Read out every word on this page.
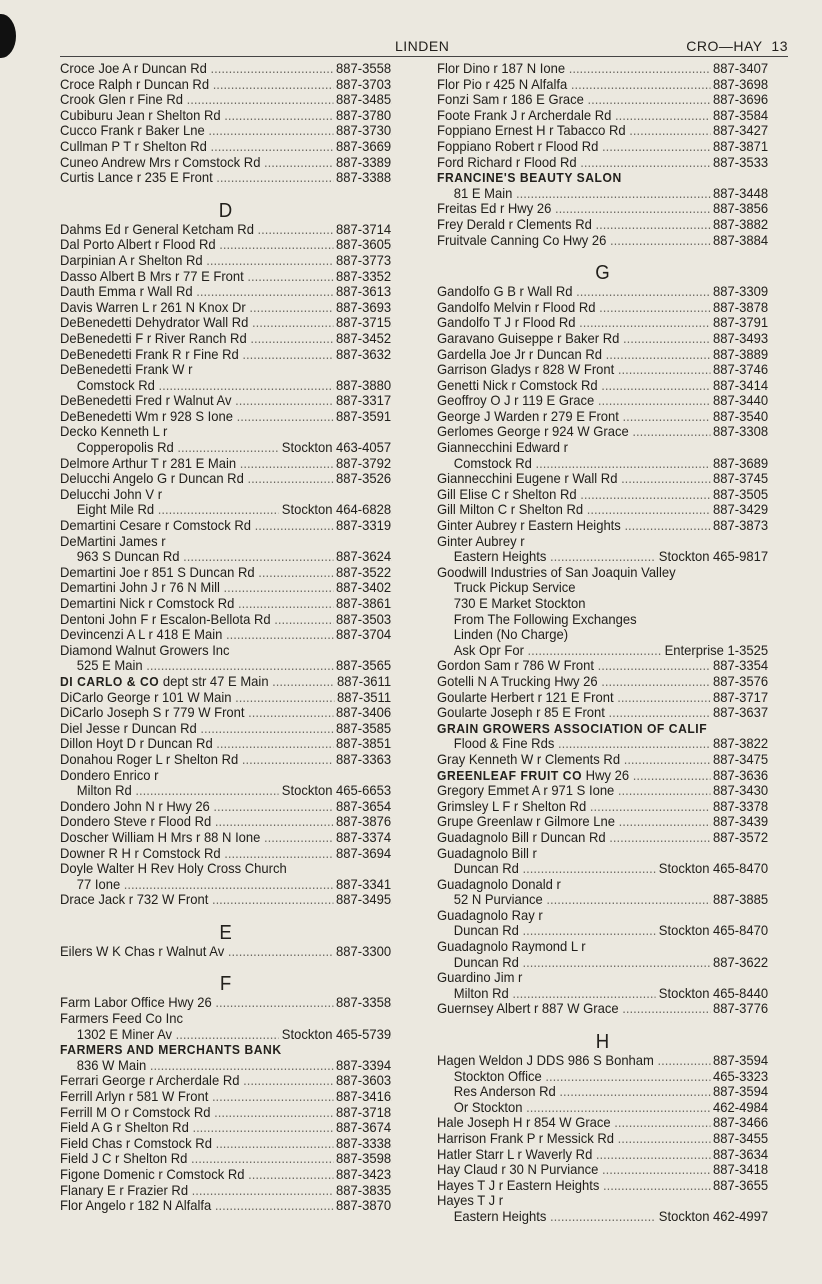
LINDEN	CRO—HAY 13
Croce Joe A r Duncan Rd .....	887-3558
Croce Ralph r Duncan Rd .....	887-3703
Crook Glen r Fine Rd .....	887-3485
Cubiburu Jean r Shelton Rd .....	887-3780
Cucco Frank r Baker Lne .....	887-3730
Cullman P T r Shelton Rd .....	887-3669
Cuneo Andrew Mrs r Comstock Rd .....	887-3389
Curtis Lance r 235 E Front .....	887-3388
D
Dahms Ed r General Ketcham Rd .....	887-3714
Dal Porto Albert r Flood Rd .....	887-3605
Darpinian A r Shelton Rd .....	887-3773
Dasso Albert B Mrs r 77 E Front .....	887-3352
Dauth Emma r Wall Rd .....	887-3613
Davis Warren L r 261 N Knox Dr .....	887-3693
DeBenedetti Dehydrator Wall Rd .....	887-3715
DeBenedetti F r River Ranch Rd .....	887-3452
DeBenedetti Frank R r Fine Rd .....	887-3632
DeBenedetti Frank W r
Comstock Rd .....	887-3880
DeBenedetti Fred r Walnut Av .....	887-3317
DeBenedetti Wm r 928 S Ione .....	887-3591
Decko Kenneth L r
Copperopolis Rd .....	Stockton 463-4057
Delmore Arthur T r 281 E Main .....	887-3792
Delucchi Angelo G r Duncan Rd .....	887-3526
Delucchi John V r
Eight Mile Rd .....	Stockton 464-6828
Demartini Cesare r Comstock Rd .....	887-3319
DeMartini James r
963 S Duncan Rd .....	887-3624
Demartini Joe r 851 S Duncan Rd .....	887-3522
Demartini John J r 76 N Mill .....	887-3402
Demartini Nick r Comstock Rd .....	887-3861
Dentoni John F r Escalon-Bellota Rd .....	887-3503
Devincenzi A L r 418 E Main .....	887-3704
Diamond Walnut Growers Inc
525 E Main .....	887-3565
DI CARLO & CO dept str 47 E Main .....	887-3611
DiCarlo George r 101 W Main .....	887-3511
DiCarlo Joseph S r 779 W Front .....	887-3406
Diel Jesse r Duncan Rd .....	887-3585
Dillon Hoyt D r Duncan Rd .....	887-3851
Donahou Roger L r Shelton Rd .....	887-3363
Dondero Enrico r
Milton Rd .....	Stockton 465-6653
Dondero John N r Hwy 26 .....	887-3654
Dondero Steve r Flood Rd .....	887-3876
Doscher William H Mrs r 88 N Ione .....	887-3374
Downer R H r Comstock Rd .....	887-3694
Doyle Walter H Rev Holy Cross Church
77 Ione .....	887-3341
Drace Jack r 732 W Front .....	887-3495
E
Eilers W K Chas r Walnut Av .....	887-3300
F
Farm Labor Office Hwy 26 .....	887-3358
Farmers Feed Co Inc
1302 E Miner Av .....	Stockton 465-5739
FARMERS AND MERCHANTS BANK
836 W Main .....	887-3394
Ferrari George r Archerdale Rd .....	887-3603
Ferrill Arlyn r 581 W Front .....	887-3416
Ferrill M O r Comstock Rd .....	887-3718
Field A G r Shelton Rd .....	887-3674
Field Chas r Comstock Rd .....	887-3338
Field J C r Shelton Rd .....	887-3598
Figone Domenic r Comstock Rd .....	887-3423
Flanary E r Frazier Rd .....	887-3835
Flor Angelo r 182 N Alfalfa .....	887-3870
Flor Dino r 187 N Ione .....	887-3407
Flor Pio r 425 N Alfalfa .....	887-3698
Fonzi Sam r 186 E Grace .....	887-3696
Foote Frank J r Archerdale Rd .....	887-3584
Foppiano Ernest H r Tabacco Rd .....	887-3427
Foppiano Robert r Flood Rd .....	887-3871
Ford Richard r Flood Rd .....	887-3533
FRANCINE'S BEAUTY SALON
81 E Main .....	887-3448
Freitas Ed r Hwy 26 .....	887-3856
Frey Derald r Clements Rd .....	887-3882
Fruitvale Canning Co Hwy 26 .....	887-3884
G
Gandolfo G B r Wall Rd .....	887-3309
Gandolfo Melvin r Flood Rd .....	887-3878
Gandolfo T J r Flood Rd .....	887-3791
Garavano Guiseppe r Baker Rd .....	887-3493
Gardella Joe Jr r Duncan Rd .....	887-3889
Garrison Gladys r 828 W Front .....	887-3746
Genetti Nick r Comstock Rd .....	887-3414
Geoffroy O J r 119 E Grace .....	887-3440
George J Warden r 279 E Front .....	887-3540
Gerlomes George r 924 W Grace .....	887-3308
Giannecchini Edward r
Comstock Rd .....	887-3689
Giannecchini Eugene r Wall Rd .....	887-3745
Gill Elise C r Shelton Rd .....	887-3505
Gill Milton C r Shelton Rd .....	887-3429
Ginter Aubrey r Eastern Heights .....	887-3873
Ginter Aubrey r
Eastern Heights .....	Stockton 465-9817
Goodwill Industries of San Joaquin Valley
Truck Pickup Service
730 E Market Stockton
From The Following Exchanges
Linden (No Charge)
Ask Opr For .....	Enterprise 1-3525
Gordon Sam r 786 W Front .....	887-3354
Gotelli N A Trucking Hwy 26 .....	887-3576
Goularte Herbert r 121 E Front .....	887-3717
Goularte Joseph r 85 E Front .....	887-3637
GRAIN GROWERS ASSOCIATION OF CALIF
Flood & Fine Rds .....	887-3822
Gray Kenneth W r Clements Rd .....	887-3475
GREENLEAF FRUIT CO Hwy 26 .....	887-3636
Gregory Emmet A r 971 S Ione .....	887-3430
Grimsley L F r Shelton Rd .....	887-3378
Grupe Greenlaw r Gilmore Lne .....	887-3439
Guadagnolo Bill r Duncan Rd .....	887-3572
Guadagnolo Bill r
Duncan Rd .....	Stockton 465-8470
Guadagnolo Donald r
52 N Purviance .....	887-3885
Guadagnolo Ray r
Duncan Rd .....	Stockton 465-8470
Guadagnolo Raymond L r
Duncan Rd .....	887-3622
Guardino Jim r
Milton Rd .....	Stockton 465-8440
Guernsey Albert r 887 W Grace .....	887-3776
H
Hagen Weldon J DDS 986 S Bonham .....	887-3594
Stockton Office .....	465-3323
Res Anderson Rd .....	887-3594
Or Stockton .....	462-4984
Hale Joseph H r 854 W Grace .....	887-3466
Harrison Frank P r Messick Rd .....	887-3455
Hatler Starr L r Waverly Rd .....	887-3634
Hay Claud r 30 N Purviance .....	887-3418
Hayes T J r Eastern Heights .....	887-3655
Hayes T J r
Eastern Heights .....	Stockton 462-4997
